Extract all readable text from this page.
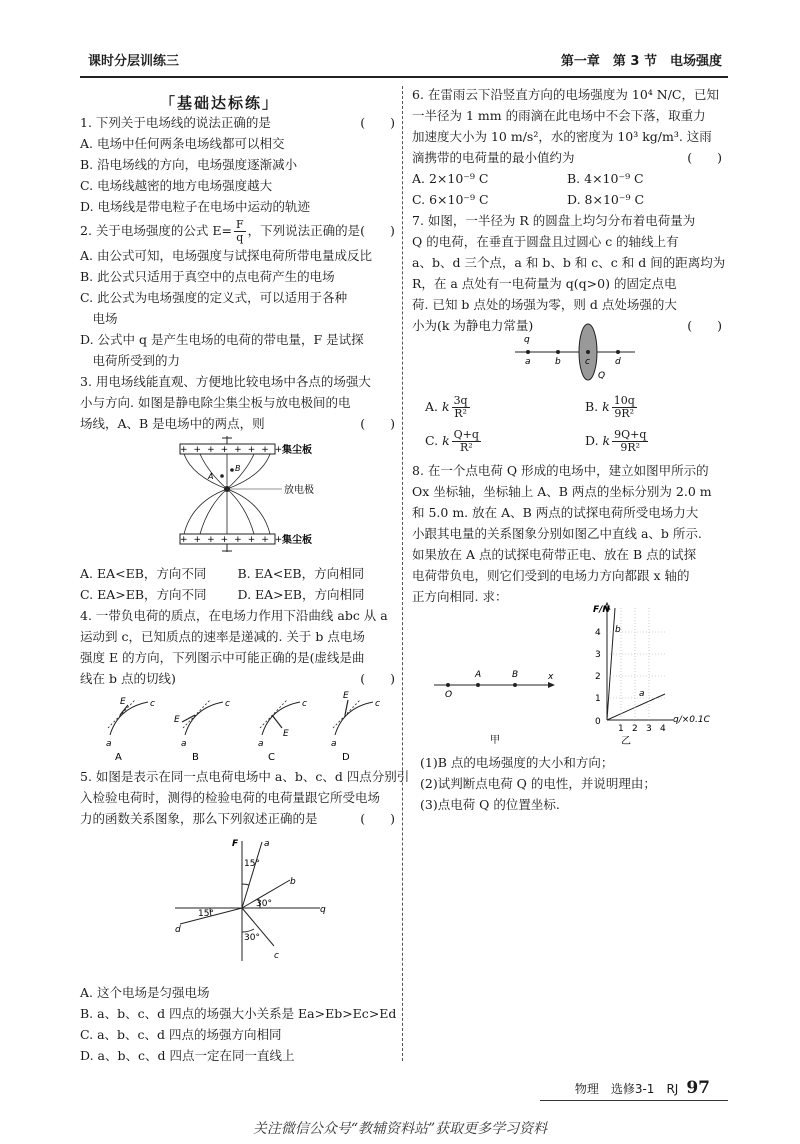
课时分层训练三	第一章　第 3 节　电场强度
「基础达标练」

1. 下列关于电场线的说法正确的是	(　　)

A. 电场中任何两条电场线都可以相交

B. 沿电场线的方向，电场强度逐渐减小

C. 电场线越密的地方电场强度越大

D. 电场线是带电粒子在电场中运动的轨迹

2. 关于电场强度的公式 $E= \frac{F}{q}$ ，下列说法正确的是(　　)

A. 由公式可知，电场强度与试探电荷所带电量成反比

B. 此公式只适用于真空中的点电荷产生的电场

C. 此公式为电场强度的定义式，可以适用于各种

　电场

D. 公式中 q 是产生电场的电荷的带电量，F 是试探

　电荷所受到的力

3. 用电场线能直观、方便地比较电场中各点的场强大

小与方向. 如图是静电除尘集尘板与放电极间的电

场线，A、B 是电场中的两点，则	(　　)

A
B
++++++++
++++++++
集尘板
放电极
集尘板
A. EA<EB，方向不同	B. EA<EB，方向相同
C. EA>EB，方向不同	D. EA>EB，方向相同

4. 一带负电荷的质点，在电场力作用下沿曲线 abc 从 a

运动到 c，已知质点的速率是递减的. 关于 b 点电场

强度 E 的方向，下列图示中可能正确的是(虚线是曲

线在 b 点的切线)	(　　)

a
E	c
a
E
c
a
E
c
a
E
c
A	B	C	D

5. 如图是表示在同一点电荷电场中 a、b、c、d 四点分别引

入检验电荷时，测得的检验电荷的电荷量跟它所受电场

力的函数关系图象，那么下列叙述正确的是	(　　)

F	a
b
c
d
q
15°
30°
15°
30°

A. 这个电场是匀强电场

B. a、b、c、d 四点的场强大小关系是 Ea>Eb>Ec>Ed

C. a、b、c、d 四点的场强方向相同

D. a、b、c、d 四点一定在同一直线上

6. 在雷雨云下沿竖直方向的电场强度为 10⁴ N/C，已知

一半径为 1 mm 的雨滴在此电场中不会下落，取重力

加速度大小为 10 m/s²，水的密度为 10³ kg/m³. 这雨

滴携带的电荷量的最小值约为	(　　)

A. 2×10⁻⁹ C	B. 4×10⁻⁹ C
C. 6×10⁻⁹ C	D. 8×10⁻⁹ C

7. 如图，一半径为 R 的圆盘上均匀分布着电荷量为

Q 的电荷，在垂直于圆盘且过圆心 c 的轴线上有

a、b、d 三个点，a 和 b、b 和 c、c 和 d 间的距离均为

R，在 a 点处有一电荷量为 q(q>0) 的固定点电

荷. 已知 b 点处的场强为零，则 d 点处场强的大

小为(k 为静电力常量)	(　　)

q
a	b	c	d
Q
A. k $\frac{3q}{\text{R²}}$	B. k $\frac{10q}{\text{9R²}}$
C. k $\frac{Q+q}{\text{R²}}$	D. k $\frac{9Q+q}{\text{9R²}}$

8. 在一个点电荷 Q 形成的电场中，建立如图甲所示的

Ox 坐标轴，坐标轴上 A、B 两点的坐标分别为 2.0 m

和 5.0 m. 放在 A、B 两点的试探电荷所受电场力大

小跟其电量的关系图象分别如图乙中直线 a、b 所示.

如果放在 A 点的试探电荷带正电、放在 B 点的试探

电荷带负电，则它们受到的电场力方向都跟 x 轴的

正方向相同. 求：

O
A	B	x
甲
F/N
4
3
2
1
0
1 2 3 4
b
a
q/×0.1C
乙

(1)B 点的电场强度的大小和方向；

(2)试判断点电荷 Q 的电性，并说明理由；

(3)点电荷 Q 的位置坐标.

物理　选修3-1　RJ 97
关注微信公众号“教辅资料站”获取更多学习资料
